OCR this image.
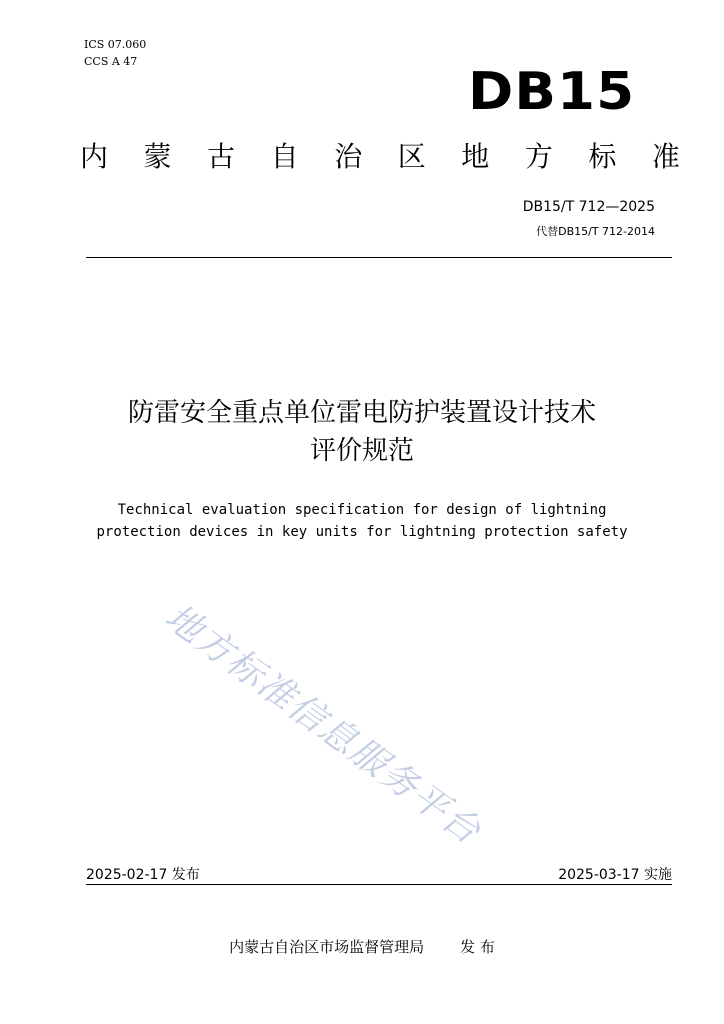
ICS 07.060
CCS A 47
DB15
内 蒙 古 自 治 区 地 方 标 准
DB15/T 712—2025
代替DB15/T 712-2014
防雷安全重点单位雷电防护装置设计技术
评价规范
Technical evaluation specification for design of lightning
protection devices in key units for lightning protection safety
地方标准信息服务平台
2025-02-17 发布	2025-03-17 实施
内蒙古自治区市场监督管理局 发 布
